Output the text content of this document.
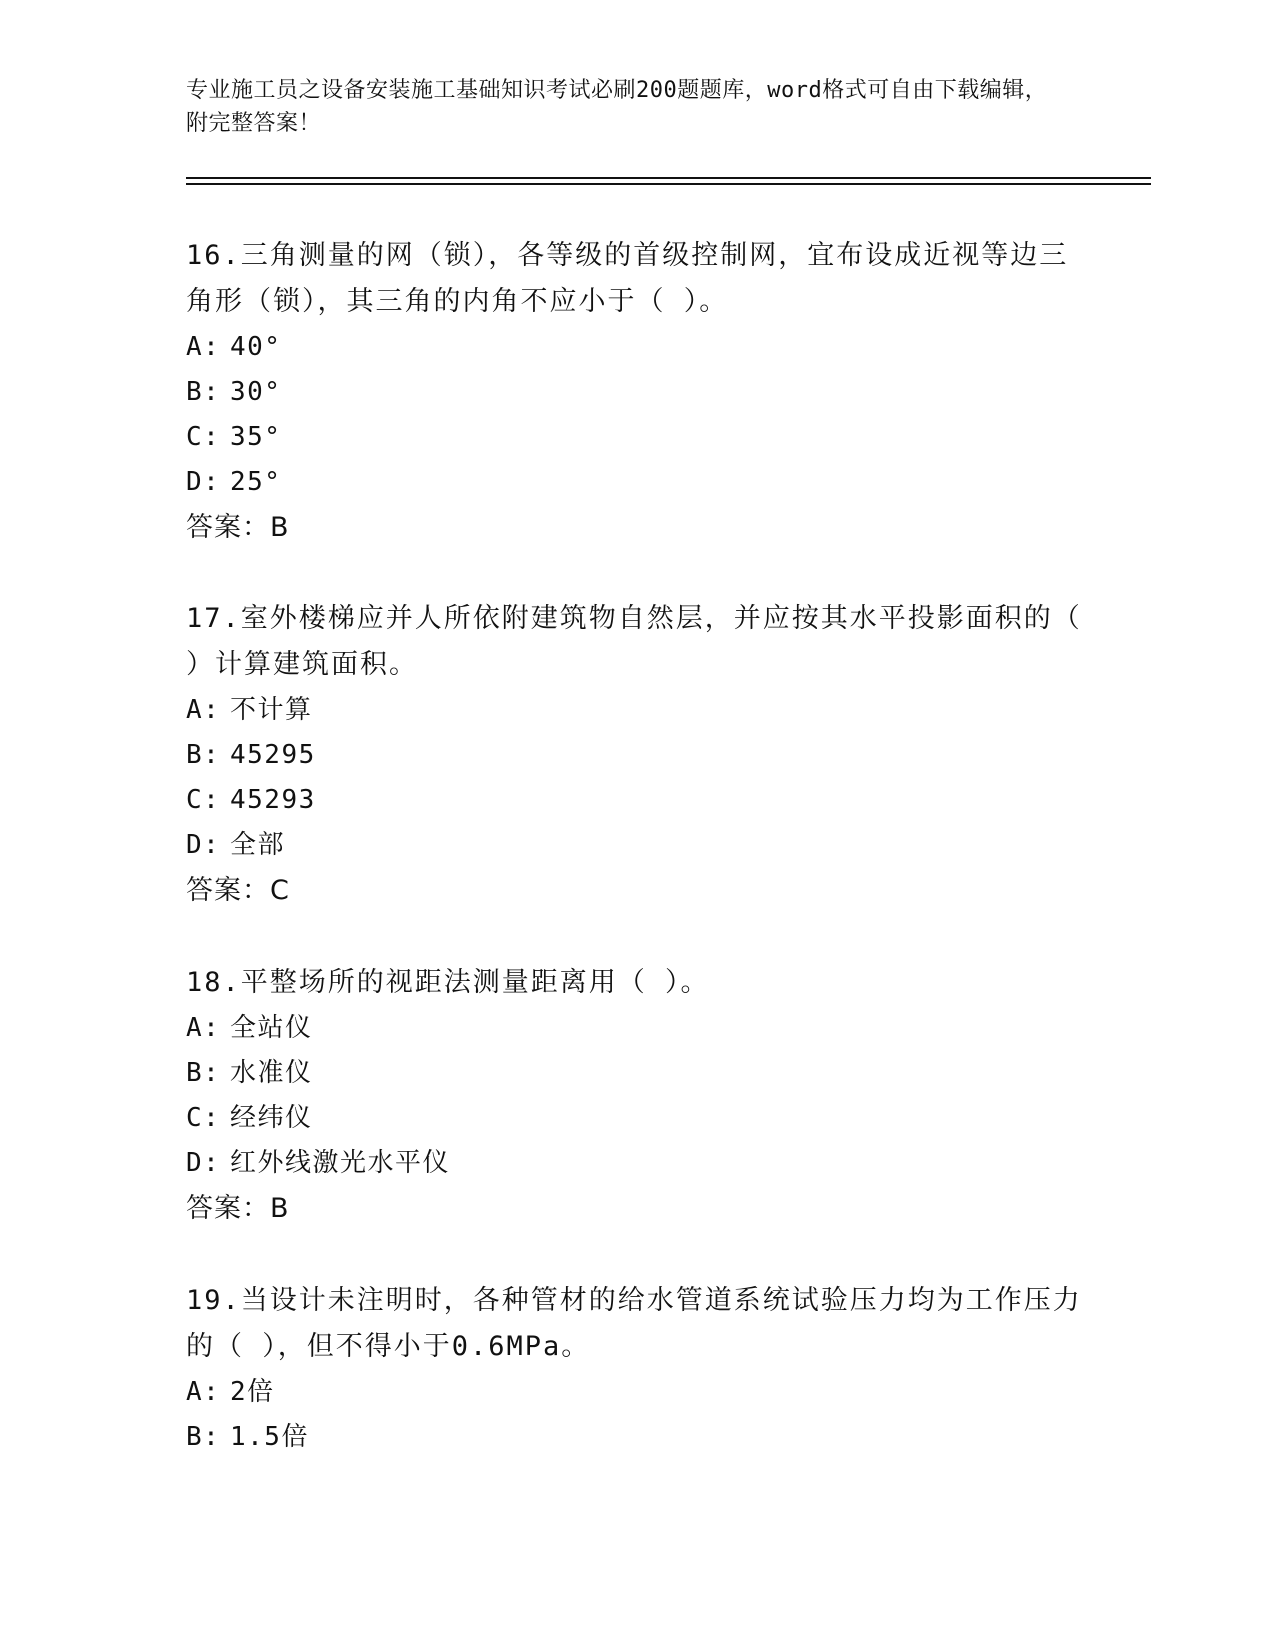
专业施工员之设备安装施工基础知识考试必刷200题题库，word格式可自由下载编辑，附完整答案！

16.三角测量的网（锁），各等级的首级控制网，宜布设成近视等边三角形（锁），其三角的内角不应小于（ ）。

A: 40°

B: 30°

C: 35°

D: 25°

答案：B

17.室外楼梯应并人所依附建筑物自然层，并应按其水平投影面积的（ ）计算建筑面积。

A: 不计算

B: 45295

C: 45293

D: 全部

答案：C

18.平整场所的视距法测量距离用（ ）。

A: 全站仪

B: 水准仪

C: 经纬仪

D: 红外线激光水平仪

答案：B

19.当设计未注明时，各种管材的给水管道系统试验压力均为工作压力的（ ），但不得小于0.6MPa。

A: 2倍

B: 1.5倍
